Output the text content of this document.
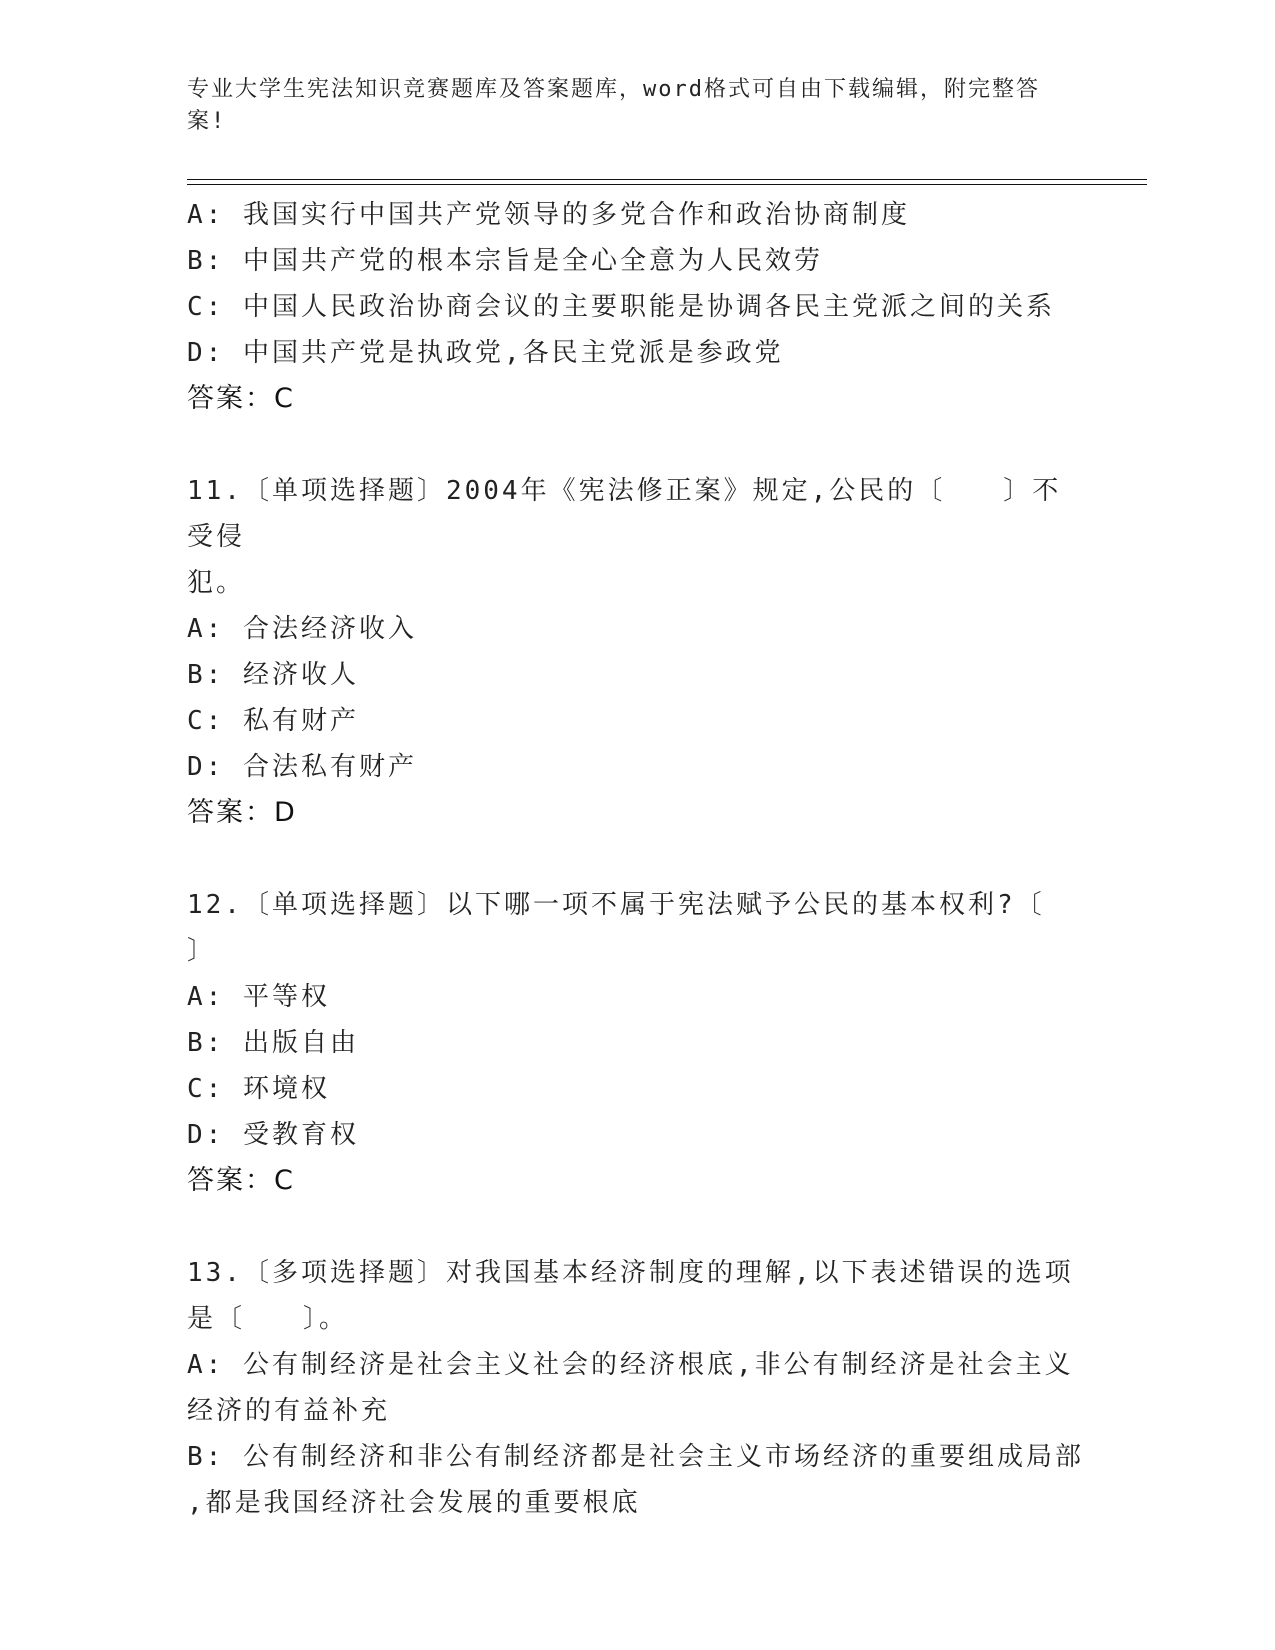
专业大学生宪法知识竞赛题库及答案题库，word格式可自由下载编辑，附完整答
案!
A: 我国实行中国共产党领导的多党合作和政治协商制度
B: 中国共产党的根本宗旨是全心全意为人民效劳
C: 中国人民政治协商会议的主要职能是协调各民主党派之间的关系
D: 中国共产党是执政党,各民主党派是参政党
答案：C
11.〔单项选择题〕2004年《宪法修正案》规定,公民的〔　　〕不受侵
犯。
A: 合法经济收入
B: 经济收人
C: 私有财产
D: 合法私有财产
答案：D
12.〔单项选择题〕以下哪一项不属于宪法赋予公民的基本权利?〔
〕
A: 平等权
B: 出版自由
C: 环境权
D: 受教育权
答案：C
13.〔多项选择题〕对我国基本经济制度的理解,以下表述错误的选项
是〔　　〕。
A: 公有制经济是社会主义社会的经济根底,非公有制经济是社会主义
经济的有益补充
B: 公有制经济和非公有制经济都是社会主义市场经济的重要组成局部
,都是我国经济社会发展的重要根底
